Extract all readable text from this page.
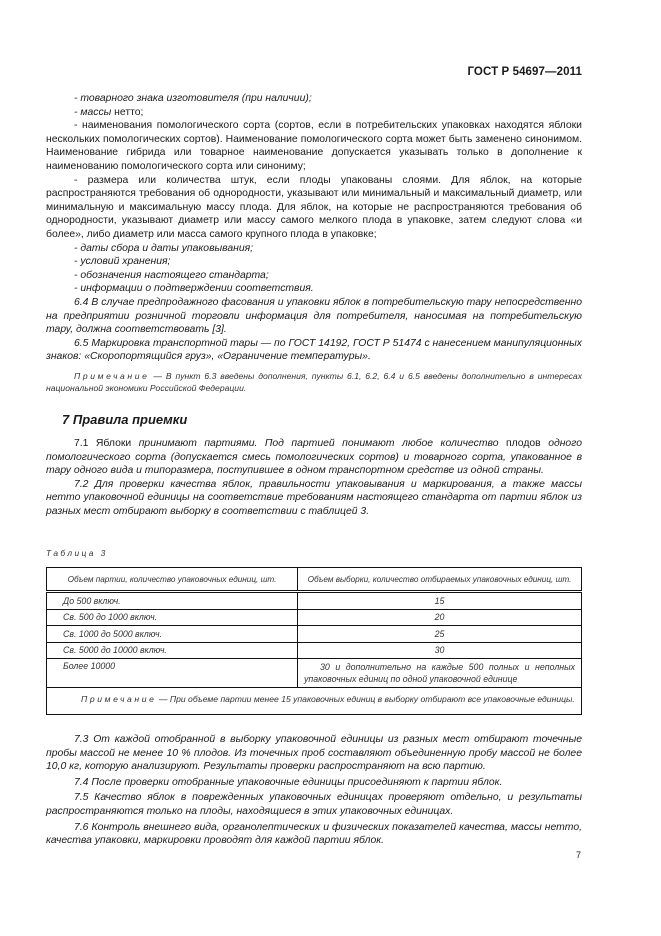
ГОСТ Р 54697—2011

- товарного знака изготовителя (при наличии);

- массы нетто;

- наименования помологического сорта (сортов, если в потребительских упаковках находятся яблоки нескольких помологических сортов). Наименование помологического сорта может быть заменено синонимом. Наименование гибрида или товарное наименование допускается указывать только в дополнение к наименованию помологического сорта или синониму;

- размера или количества штук, если плоды упакованы слоями. Для яблок, на которые распространяются требования об однородности, указывают или минимальный и максимальный диаметр, или минимальную и максимальную массу плода. Для яблок, на которые не распространяются требования об однородности, указывают диаметр или массу самого мелкого плода в упаковке, затем следуют слова «и более», либо диаметр или масса самого крупного плода в упаковке;

- даты сбора и даты упаковывания;

- условий хранения;

- обозначения настоящего стандарта;

- информации о подтверждении соответствия.

6.4 В случае предпродажного фасования и упаковки яблок в потребительскую тару непосредственно на предприятии розничной торговли информация для потребителя, наносимая на потребительскую тару, должна соответствовать [3].

6.5 Маркировка транспортной тары — по ГОСТ 14192, ГОСТ Р 51474 с нанесением манипуляционных знаков: «Скоропортящийся груз», «Ограничение температуры».

Примечание — В пункт 6.3 введены дополнения, пункты 6.1, 6.2, 6.4 и 6.5 введены дополнительно в интересах национальной экономики Российской Федерации.

7 Правила приемки

7.1 Яблоки принимают партиями. Под партией понимают любое количество плодов одного помологического сорта (допускается смесь помологических сортов) и товарного сорта, упакованное в тару одного вида и типоразмера, поступившее в одном транспортном средстве из одной страны.

7.2 Для проверки качества яблок, правильности упаковывания и маркирования, а также массы нетто упаковочной единицы на соответствие требованиям настоящего стандарта от партии яблок из разных мест отбирают выборку в соответствии с таблицей 3.

Таблица 3
Объем партии, количество упаковочных единиц, шт.	Объем выборки, количество отбираемых упаковочных единиц, шт.
До 500 включ.	15
Св. 500 до 1000 включ.	20
Св. 1000 до 5000 включ.	25
Св. 5000 до 10000 включ.	30
Более 10000	30 и дополнительно на каждые 500 полных и неполных упаковочных единиц по одной упаковочной единице
Примечание — При объеме партии менее 15 упаковочных единиц в выборку отбирают все упаковочные единицы.	

7.3 От каждой отобранной в выборку упаковочной единицы из разных мест отбирают точечные пробы массой не менее 10 % плодов. Из точечных проб составляют объединенную пробу массой не более 10,0 кг, которую анализируют. Результаты проверки распространяют на всю партию.

7.4 После проверки отобранные упаковочные единицы присоединяют к партии яблок.

7.5 Качество яблок в поврежденных упаковочных единицах проверяют отдельно, и результаты распространяются только на плоды, находящиеся в этих упаковочных единицах.

7.6 Контроль внешнего вида, органолептических и физических показателей качества, массы нетто, качества упаковки, маркировки проводят для каждой партии яблок.

7
